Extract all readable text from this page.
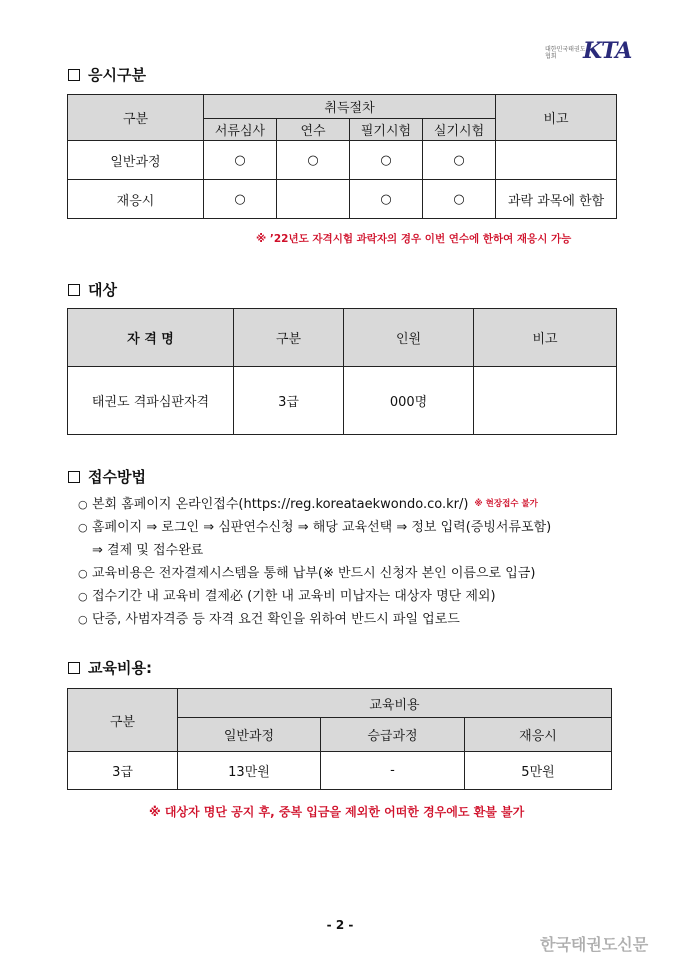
대한민국태권도협회	KTA
응시구분
구분	취득절차				비고
	서류심사	연수	필기시험	실기시험	
일반과정	○	○	○	○	
재응시	○		○	○	과락 과목에 한함
※ ’22년도 자격시험 과락자의 경우 이번 연수에 한하여 재응시 가능
대상
자 격 명	구분	인원	비고
태권도 격파심판자격	3급	000명	
접수방법
○ 본회 홈페이지 온라인접수(https://reg.koreataekwondo.co.kr/) ※ 현장접수 불가
○ 홈페이지 ⇒ 로그인 ⇒ 심판연수신청 ⇒ 해당 교육선택 ⇒ 정보 입력(증빙서류포함)
⇒ 결제 및 접수완료
○ 교육비용은 전자결제시스템을 통해 납부(※ 반드시 신청자 본인 이름으로 입금)
○ 접수기간 내 교육비 결제必 (기한 내 교육비 미납자는 대상자 명단 제외)
○ 단증, 사범자격증 등 자격 요건 확인을 위하여 반드시 파일 업로드
교육비용:
구분	교육비용		
	일반과정	승급과정	재응시
3급	13만원	-	5만원
※ 대상자 명단 공지 후, 중복 입금을 제외한 어떠한 경우에도 환불 불가
- 2 -
한국태권도신문
